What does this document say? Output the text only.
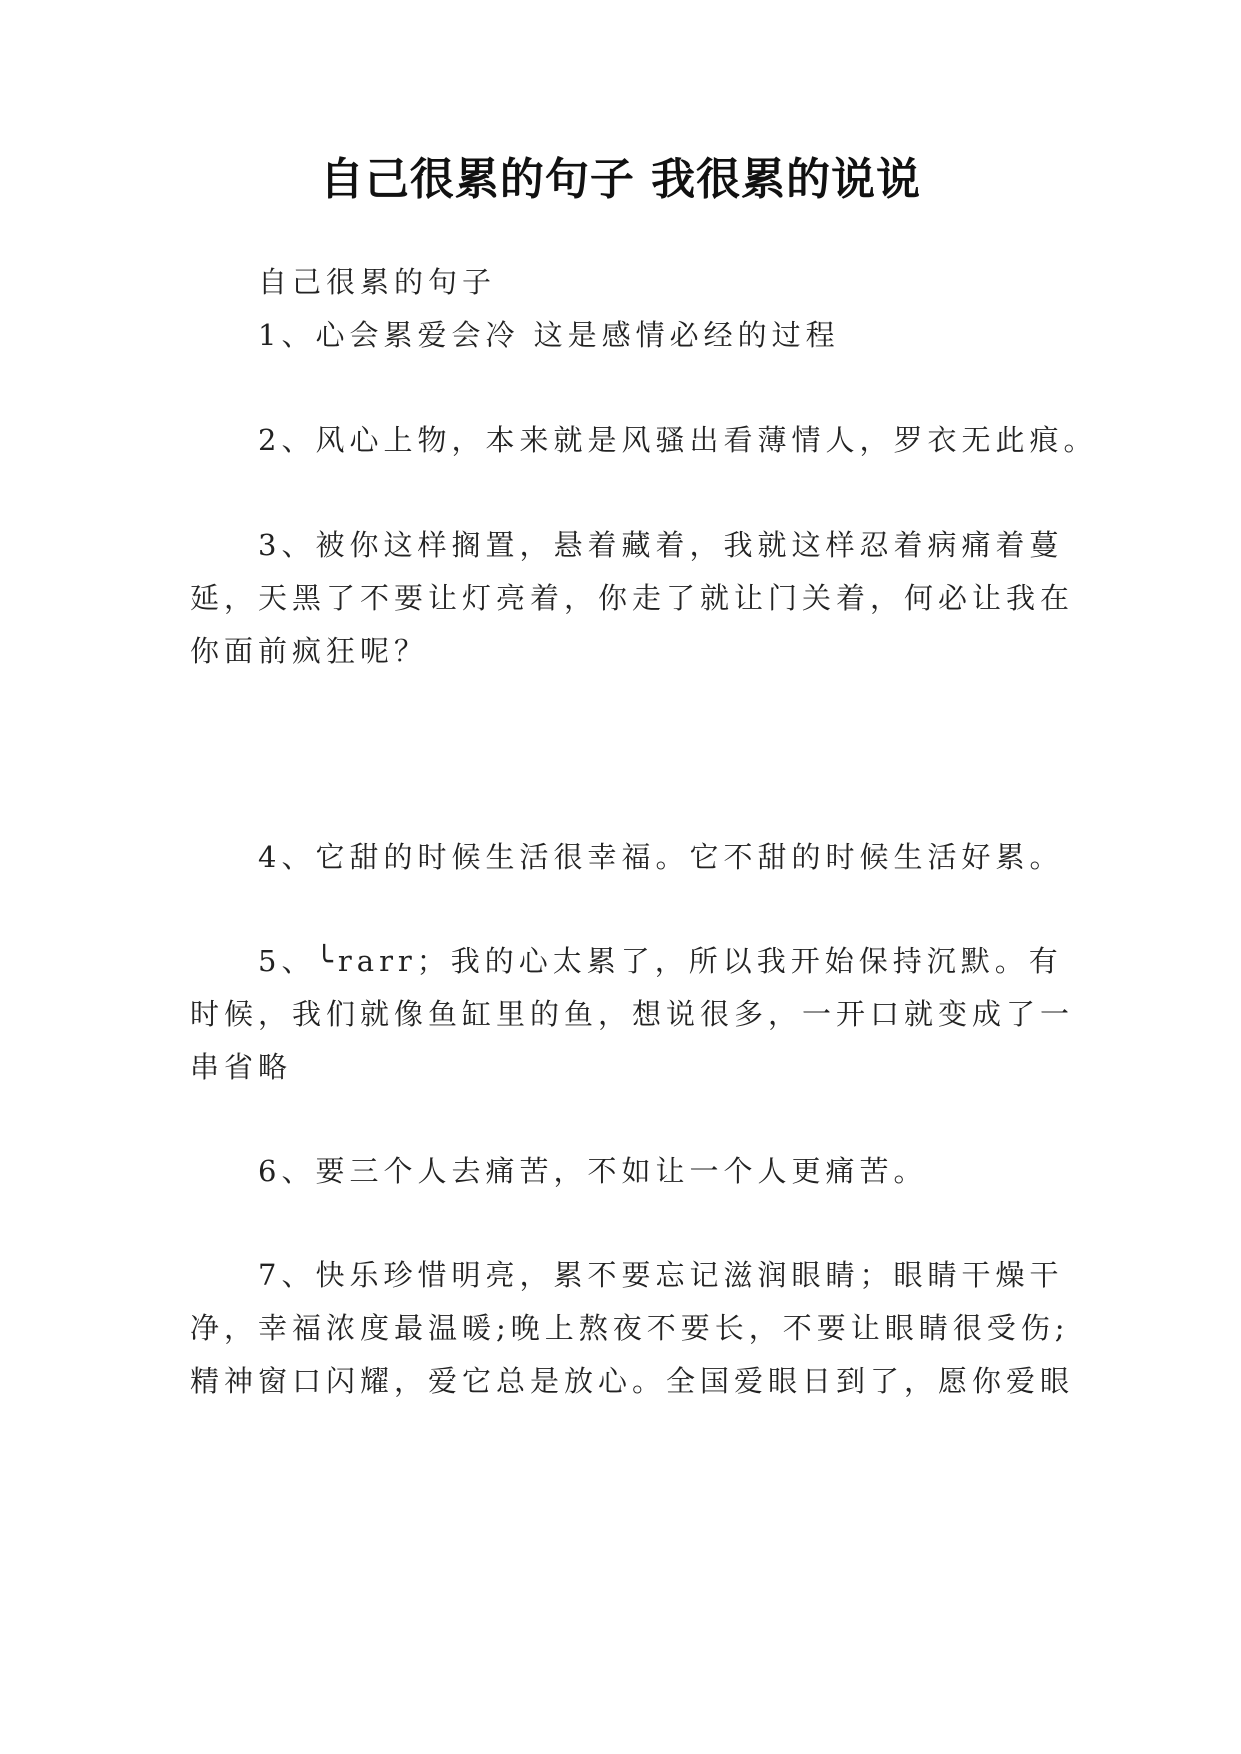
自己很累的句子 我很累的说说

自己很累的句子

1、心会累爱会冷 这是感情必经的过程

2、风心上物，本来就是风骚出看薄情人，罗衣无此痕。

3、被你这样搁置，悬着藏着，我就这样忍着病痛着蔓

延，天黑了不要让灯亮着，你走了就让门关着，何必让我在

你面前疯狂呢？

4、它甜的时候生活很幸福。它不甜的时候生活好累。

5、╰rarr；我的心太累了，所以我开始保持沉默。有

时候，我们就像鱼缸里的鱼，想说很多，一开口就变成了一

串省略

6、要三个人去痛苦，不如让一个人更痛苦。

7、快乐珍惜明亮，累不要忘记滋润眼睛；眼睛干燥干

净，幸福浓度最温暖;晚上熬夜不要长，不要让眼睛很受伤;

精神窗口闪耀，爱它总是放心。全国爱眼日到了，愿你爱眼
